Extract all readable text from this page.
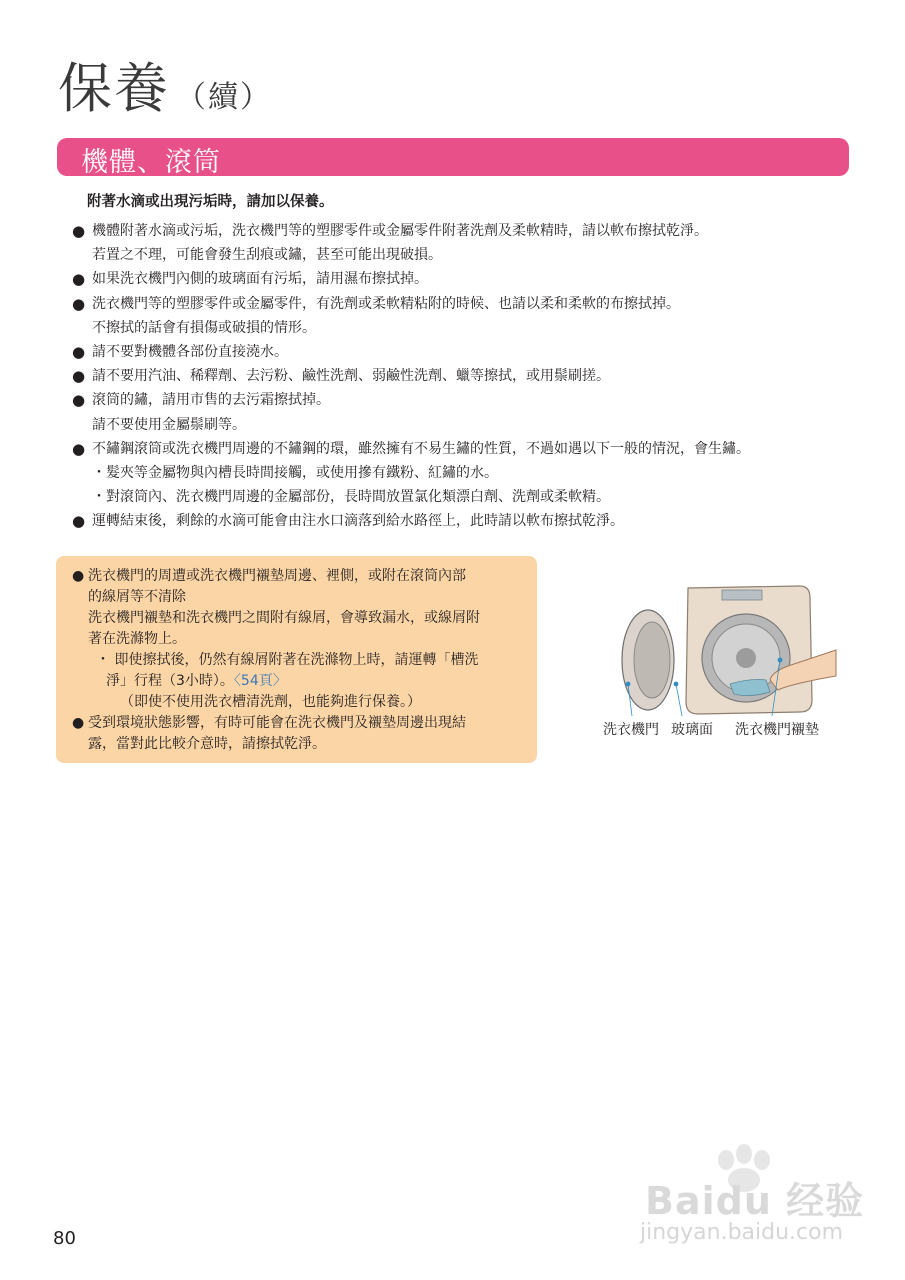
保養 （續）
機體、滾筒
附著水滴或出現污垢時，請加以保養。
● 機體附著水滴或污垢，洗衣機門等的塑膠零件或金屬零件附著洗劑及柔軟精時，請以軟布擦拭乾淨。
若置之不理，可能會發生刮痕或鏽，甚至可能出現破損。
● 如果洗衣機門內側的玻璃面有污垢，請用濕布擦拭掉。
● 洗衣機門等的塑膠零件或金屬零件，有洗劑或柔軟精粘附的時候、也請以柔和柔軟的布擦拭掉。
不擦拭的話會有損傷或破損的情形。
● 請不要對機體各部份直接澆水。
● 請不要用汽油、稀釋劑、去污粉、鹼性洗劑、弱鹼性洗劑、蠟等擦拭，或用鬃刷搓。
● 滾筒的鏽，請用市售的去污霜擦拭掉。
請不要使用金屬鬃刷等。
● 不鏽鋼滾筒或洗衣機門周邊的不鏽鋼的環，雖然擁有不易生鏽的性質，不過如遇以下一般的情況，會生鏽。
・髮夾等金屬物與內槽長時間接觸，或使用摻有鐵粉、紅鏽的水。
・對滾筒內、洗衣機門周邊的金屬部份，長時間放置氯化類漂白劑、洗劑或柔軟精。
● 運轉結束後，剩餘的水滴可能會由注水口滴落到給水路徑上，此時請以軟布擦拭乾淨。
● 洗衣機門的周遭或洗衣機門襯墊周邊、裡側，或附在滾筒內部
的線屑等不清除
洗衣機門襯墊和洗衣機門之間附有線屑，會導致漏水，或線屑附
著在洗滌物上。
・ 即使擦拭後，仍然有線屑附著在洗滌物上時，請運轉「槽洗
淨」行程（3小時）。〈54頁〉
（即使不使用洗衣槽清洗劑，也能夠進行保養。）
● 受到環境狀態影響，有時可能會在洗衣機門及襯墊周邊出現結
露，當對此比較介意時，請擦拭乾淨。
洗衣機門 玻璃面 洗衣機門襯墊
Baidu 经验
jingyan.baidu.com
80
